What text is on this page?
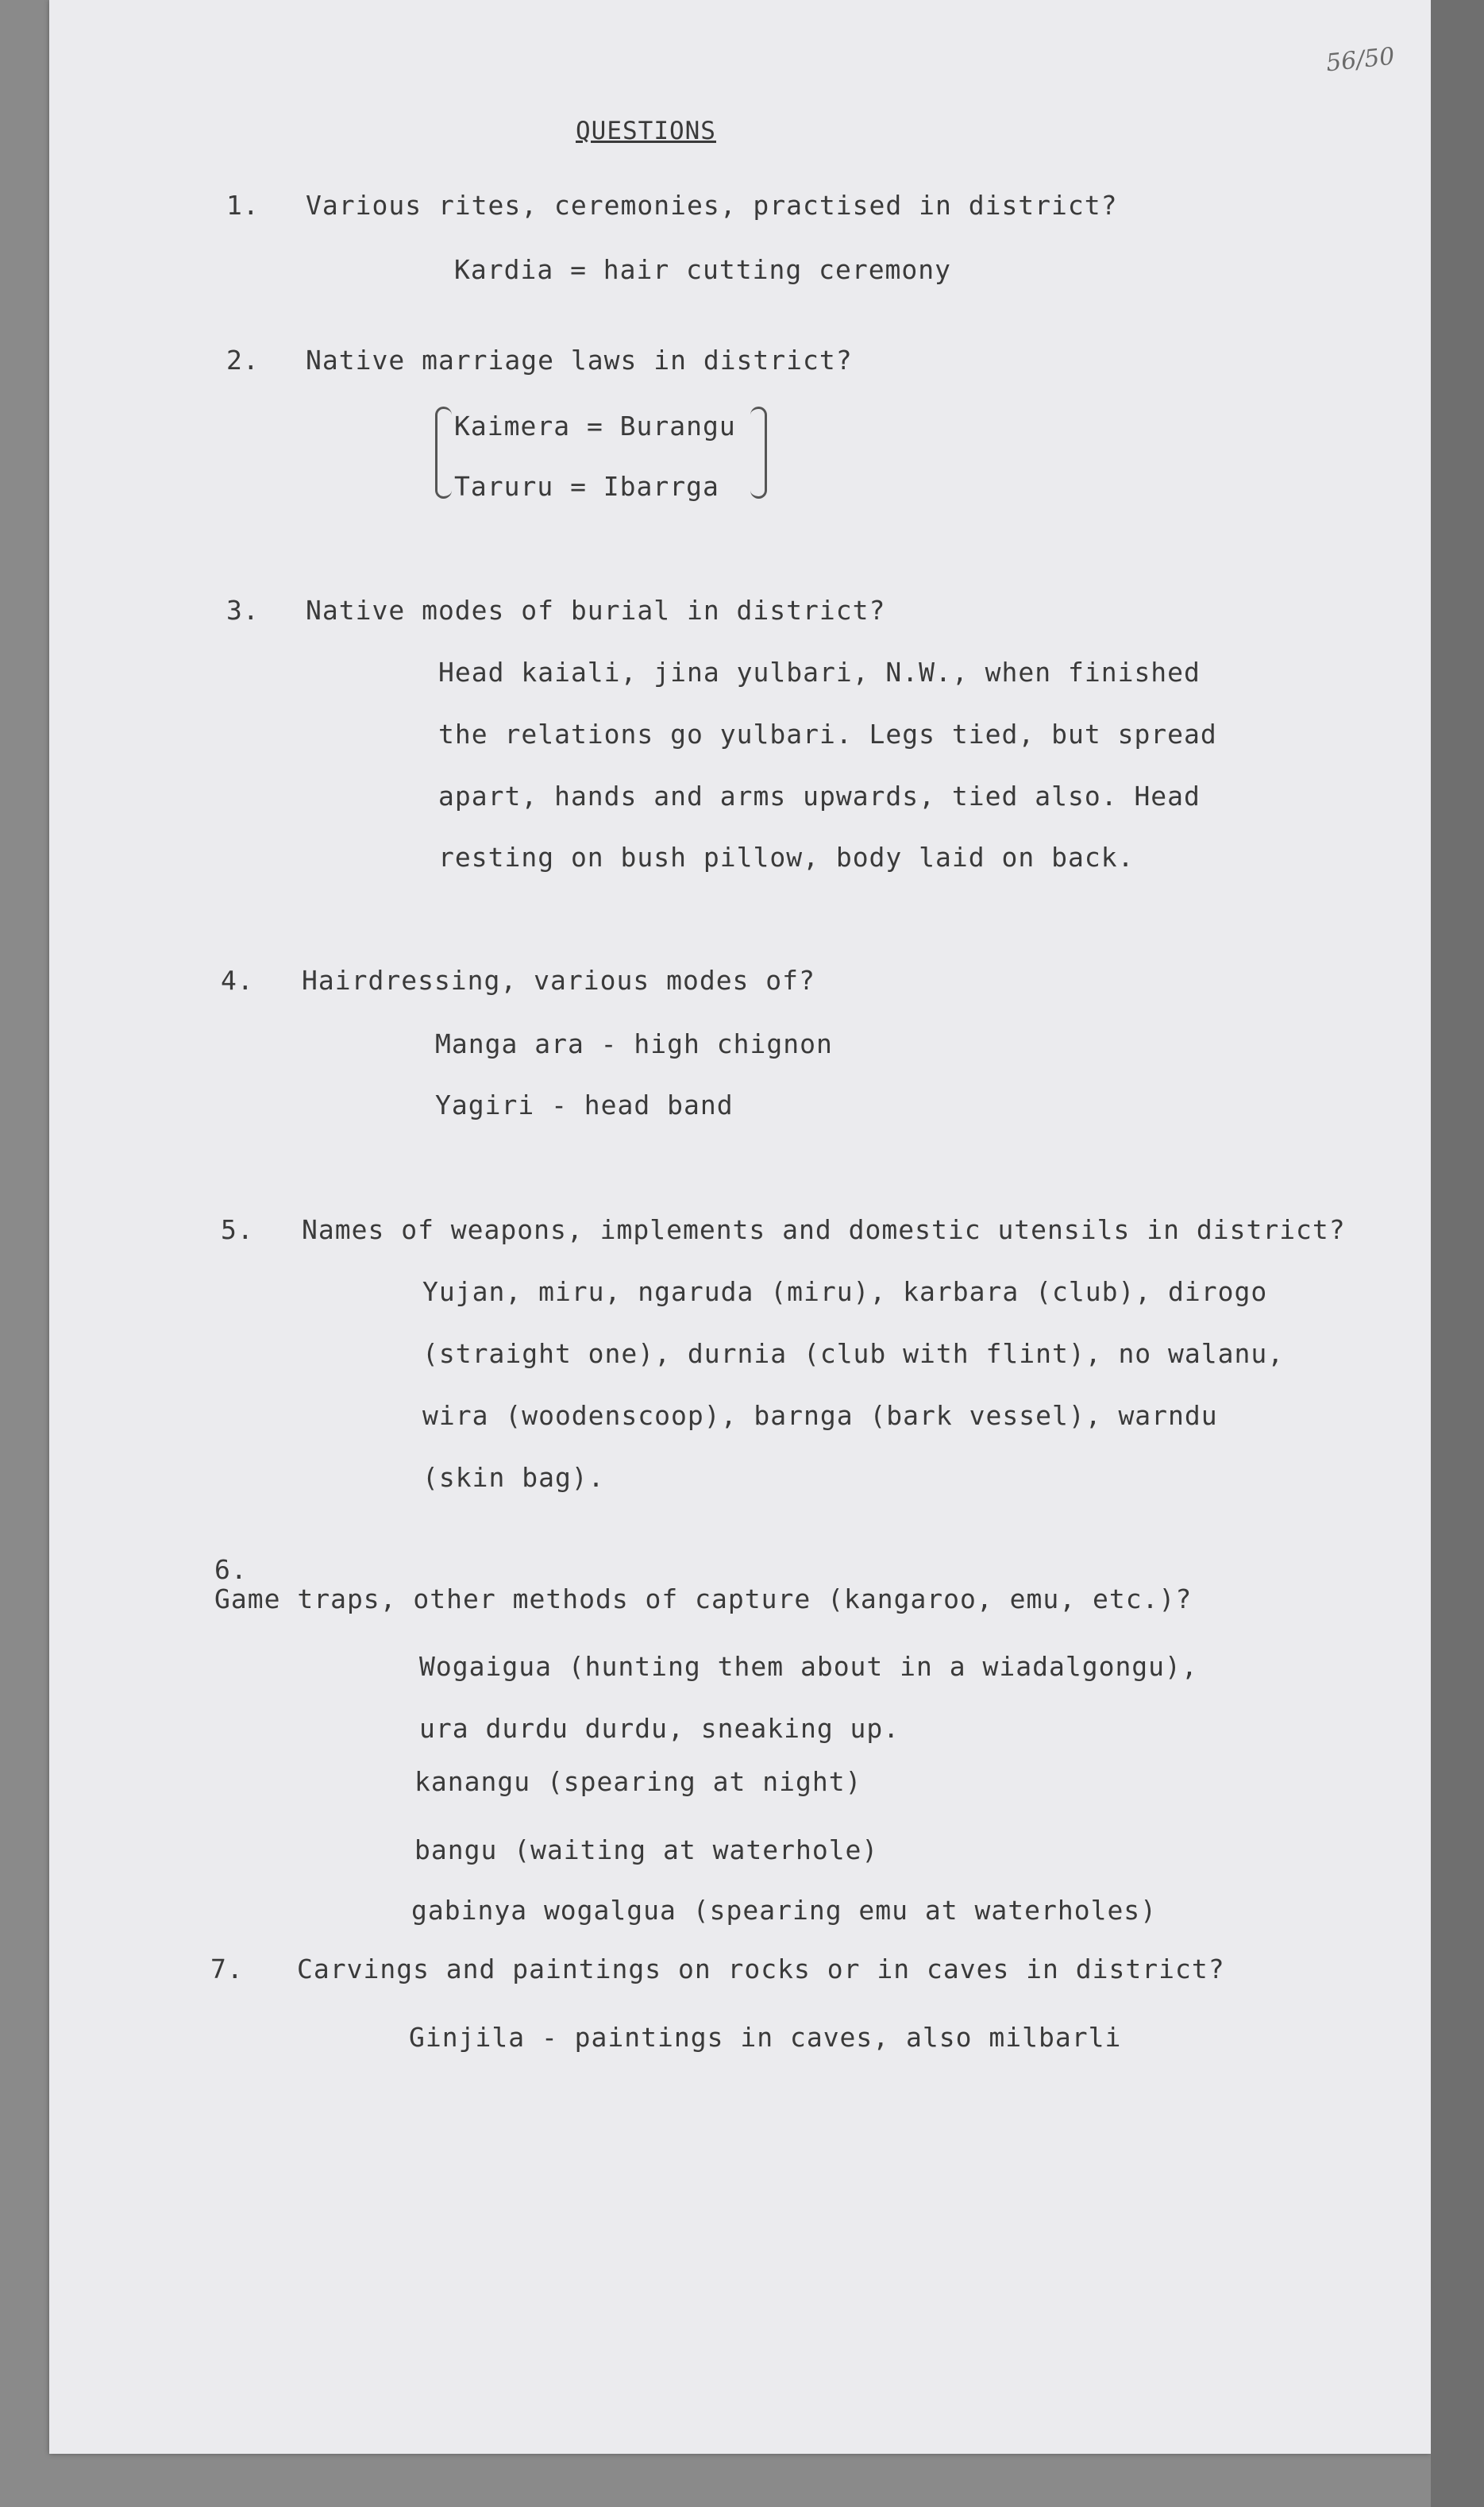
56/50
QUESTIONS
1. Various rites, ceremonies, practised in district?
Kardia = hair cutting ceremony
2. Native marriage laws in district?
Kaimera = Burangu
Taruru = Ibarrga
3. Native modes of burial in district?
Head kaiali, jina yulbari, N.W., when finished
the relations go yulbari. Legs tied, but spread
apart, hands and arms upwards, tied also. Head
resting on bush pillow, body laid on back.
4. Hairdressing, various modes of?
Manga ara - high chignon
Yagiri - head band
5. Names of weapons, implements and domestic utensils in district?
Yujan, miru, ngaruda (miru), karbara (club), dirogo
(straight one), durnia (club with flint), no walanu,
wira (woodenscoop), barnga (bark vessel), warndu
(skin bag).
6.
Game traps, other methods of capture (kangaroo, emu, etc.)?
Wogaigua (hunting them about in a wiadalgongu),
ura durdu durdu, sneaking up.
kanangu (spearing at night)
bangu (waiting at waterhole)
gabinya wogalgua (spearing emu at waterholes)
7. Carvings and paintings on rocks or in caves in district?
Ginjila - paintings in caves, also milbarli
